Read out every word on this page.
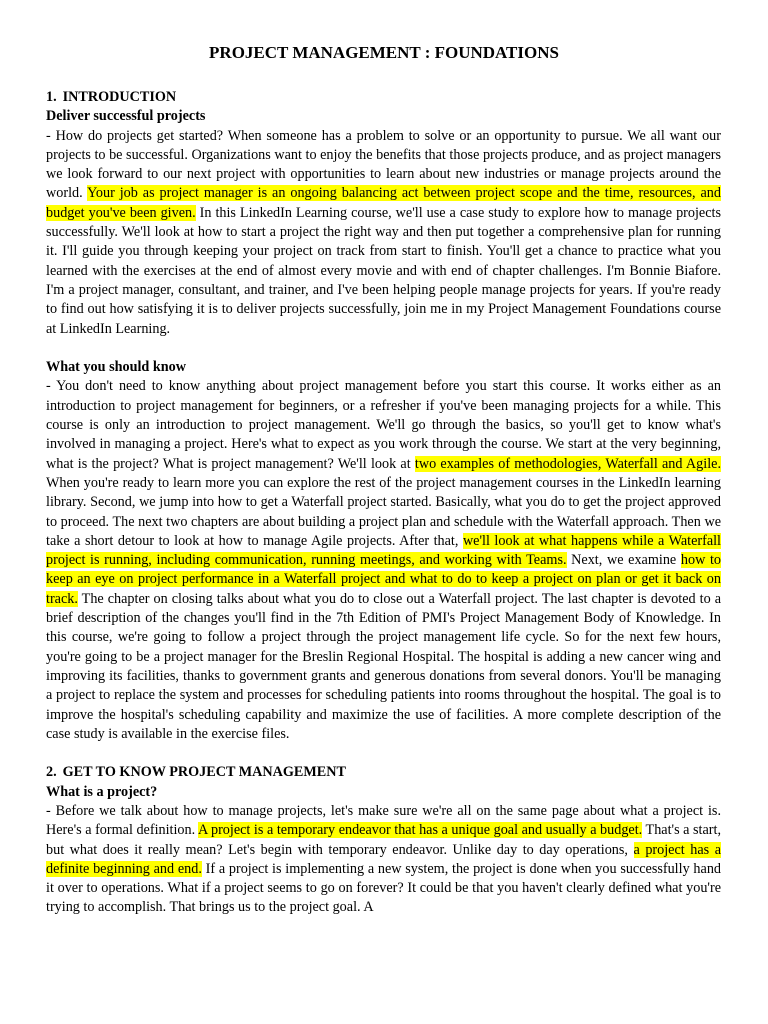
PROJECT MANAGEMENT : FOUNDATIONS
1. INTRODUCTION
Deliver successful projects
- How do projects get started? When someone has a problem to solve or an opportunity to pursue. We all want our projects to be successful. Organizations want to enjoy the benefits that those projects produce, and as project managers we look forward to our next project with opportunities to learn about new industries or manage projects around the world. Your job as project manager is an ongoing balancing act between project scope and the time, resources, and budget you've been given. In this LinkedIn Learning course, we'll use a case study to explore how to manage projects successfully. We'll look at how to start a project the right way and then put together a comprehensive plan for running it. I'll guide you through keeping your project on track from start to finish. You'll get a chance to practice what you learned with the exercises at the end of almost every movie and with end of chapter challenges. I'm Bonnie Biafore. I'm a project manager, consultant, and trainer, and I've been helping people manage projects for years. If you're ready to find out how satisfying it is to deliver projects successfully, join me in my Project Management Foundations course at LinkedIn Learning.
What you should know
- You don't need to know anything about project management before you start this course. It works either as an introduction to project management for beginners, or a refresher if you've been managing projects for a while. This course is only an introduction to project management. We'll go through the basics, so you'll get to know what's involved in managing a project. Here's what to expect as you work through the course. We start at the very beginning, what is the project? What is project management? We'll look at two examples of methodologies, Waterfall and Agile. When you're ready to learn more you can explore the rest of the project management courses in the LinkedIn learning library. Second, we jump into how to get a Waterfall project started. Basically, what you do to get the project approved to proceed. The next two chapters are about building a project plan and schedule with the Waterfall approach. Then we take a short detour to look at how to manage Agile projects. After that, we'll look at what happens while a Waterfall project is running, including communication, running meetings, and working with Teams. Next, we examine how to keep an eye on project performance in a Waterfall project and what to do to keep a project on plan or get it back on track. The chapter on closing talks about what you do to close out a Waterfall project. The last chapter is devoted to a brief description of the changes you'll find in the 7th Edition of PMI's Project Management Body of Knowledge. In this course, we're going to follow a project through the project management life cycle. So for the next few hours, you're going to be a project manager for the Breslin Regional Hospital. The hospital is adding a new cancer wing and improving its facilities, thanks to government grants and generous donations from several donors. You'll be managing a project to replace the system and processes for scheduling patients into rooms throughout the hospital. The goal is to improve the hospital's scheduling capability and maximize the use of facilities. A more complete description of the case study is available in the exercise files.
2. GET TO KNOW PROJECT MANAGEMENT
What is a project?
- Before we talk about how to manage projects, let's make sure we're all on the same page about what a project is. Here's a formal definition. A project is a temporary endeavor that has a unique goal and usually a budget. That's a start, but what does it really mean? Let's begin with temporary endeavor. Unlike day to day operations, a project has a definite beginning and end. If a project is implementing a new system, the project is done when you successfully hand it over to operations. What if a project seems to go on forever? It could be that you haven't clearly defined what you're trying to accomplish. That brings us to the project goal. A
